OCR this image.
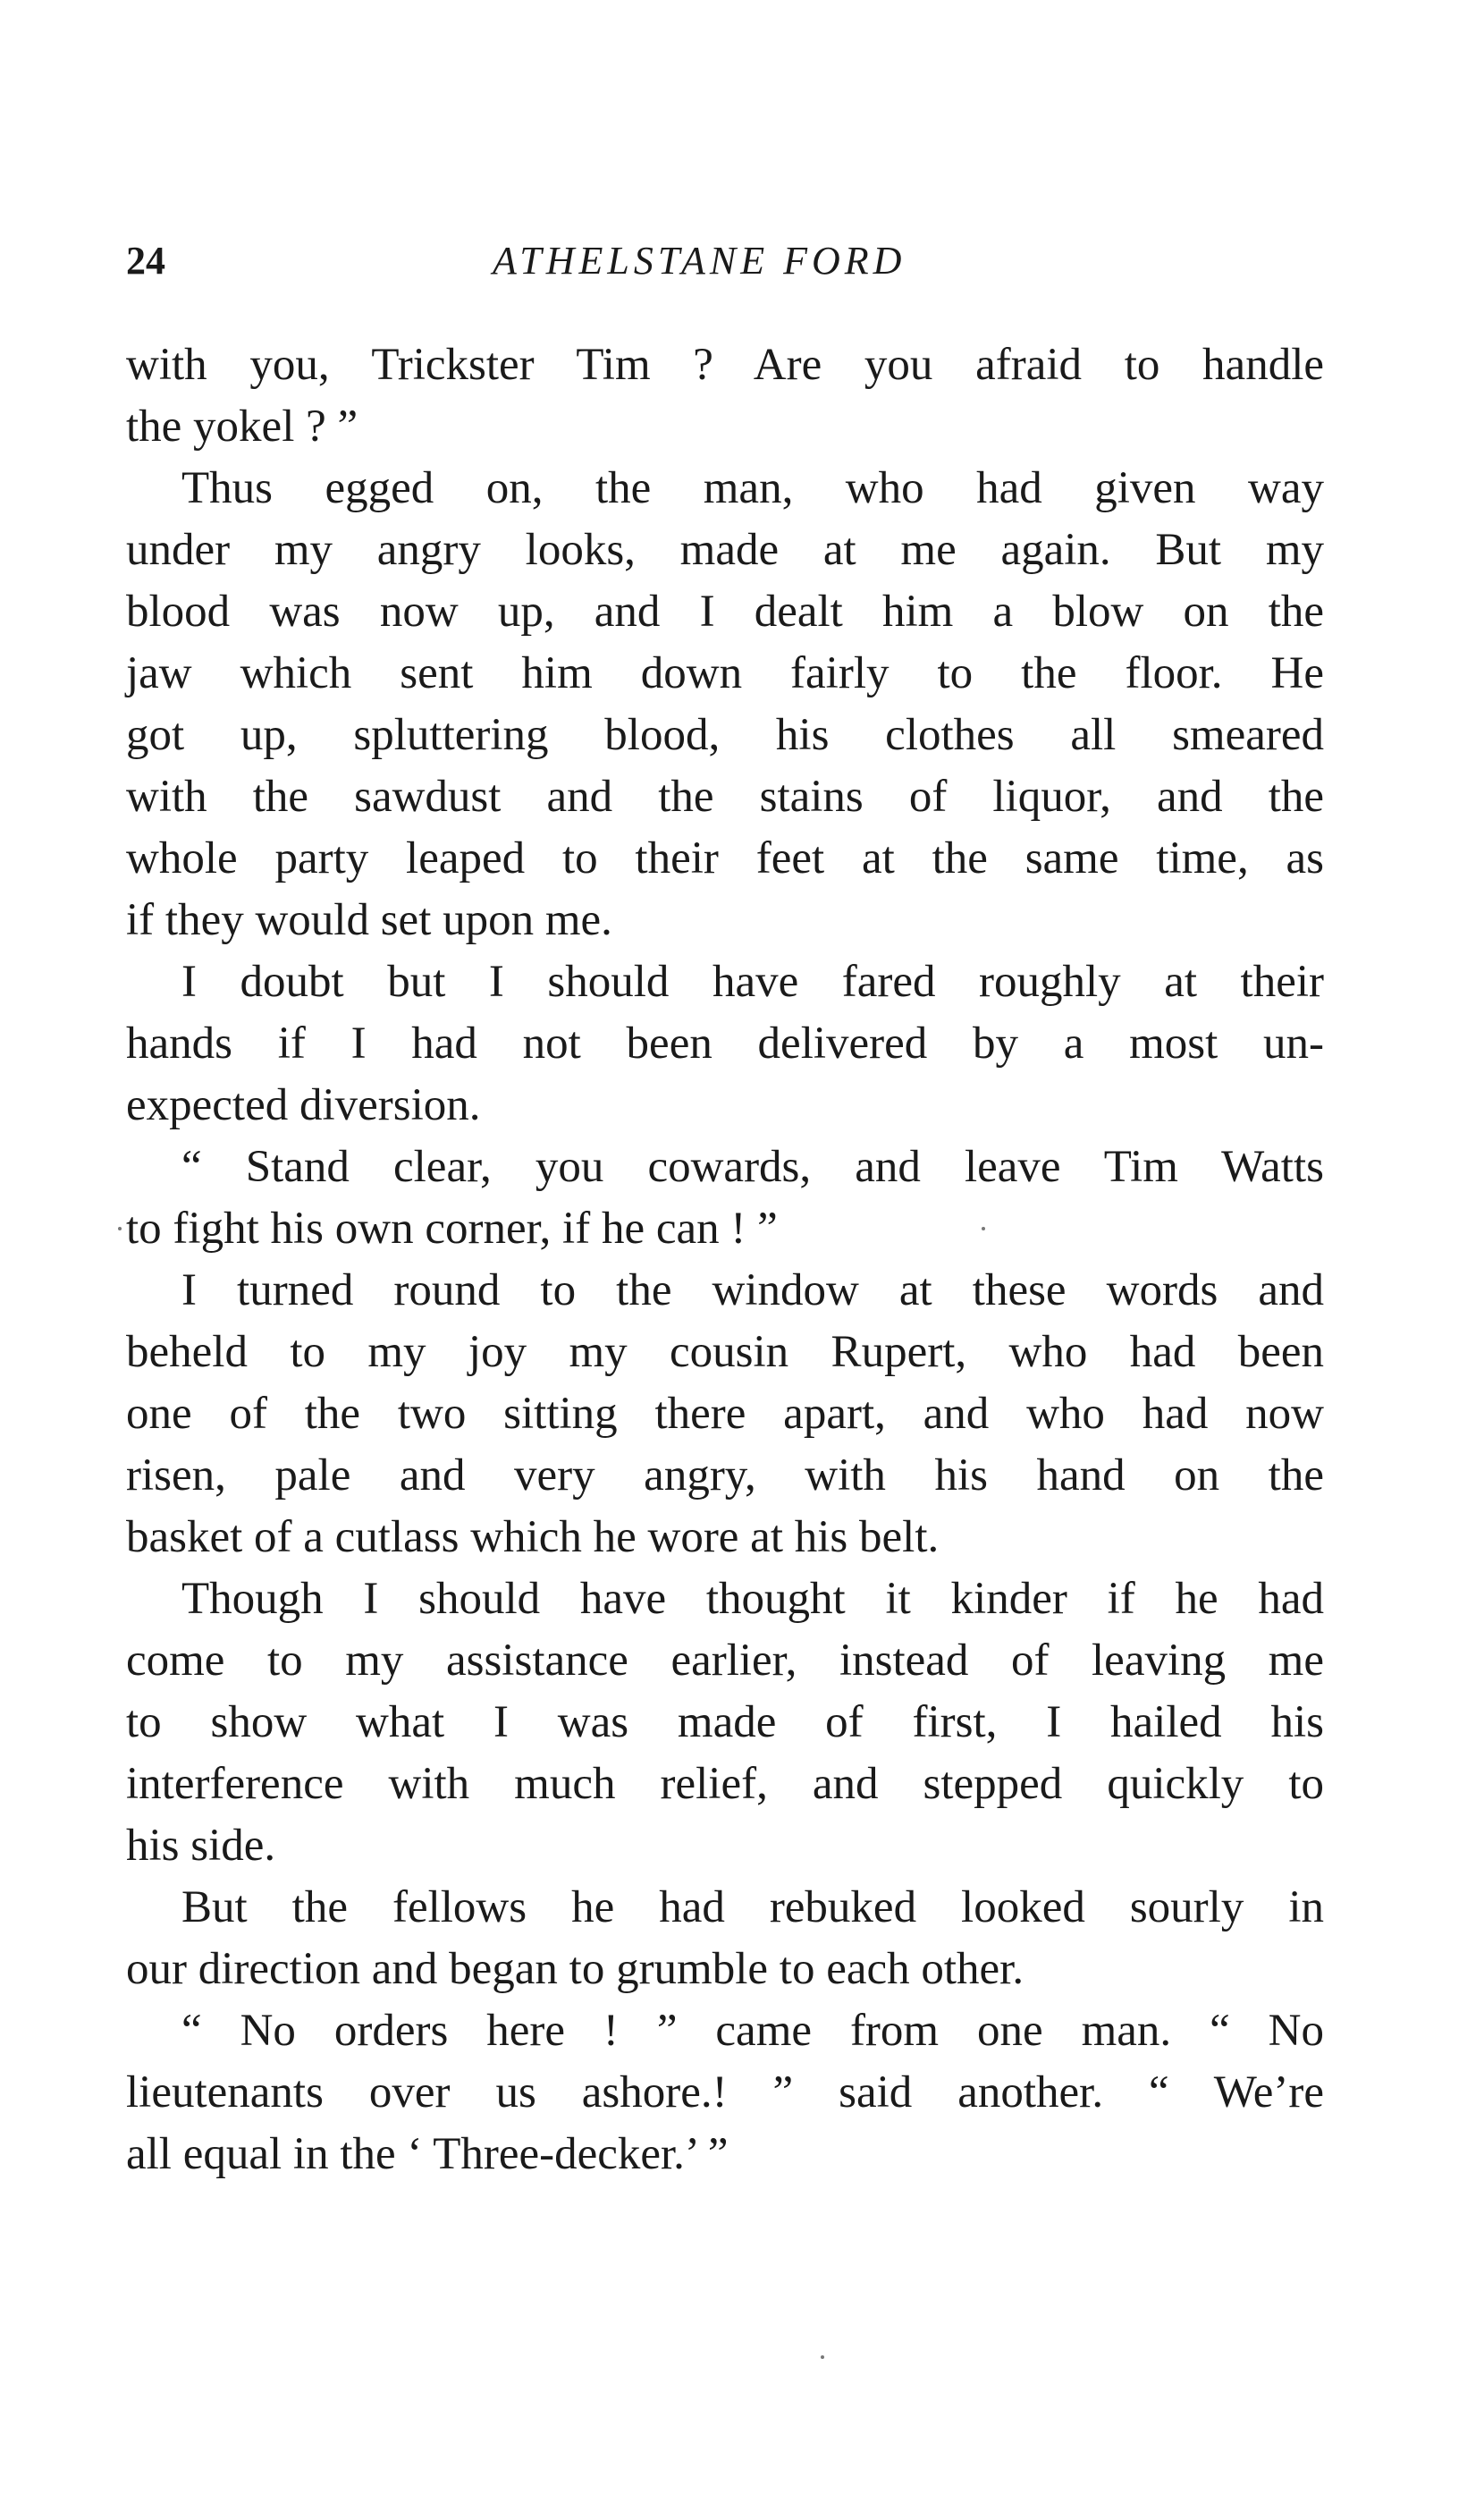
24	ATHELSTANE FORD
with you, Trickster Tim ? Are you afraid to handle
the yokel ? ”
Thus egged on, the man, who had given way
under my angry looks, made at me again. But my
blood was now up, and I dealt him a blow on the
jaw which sent him down fairly to the floor. He
got up, spluttering blood, his clothes all smeared
with the sawdust and the stains of liquor, and the
whole party leaped to their feet at the same time, as
if they would set upon me.
I doubt but I should have fared roughly at their
hands if I had not been delivered by a most un-
expected diversion.
“ Stand clear, you cowards, and leave Tim Watts
to fight his own corner, if he can ! ”
I turned round to the window at these words and
beheld to my joy my cousin Rupert, who had been
one of the two sitting there apart, and who had now
risen, pale and very angry, with his hand on the
basket of a cutlass which he wore at his belt.
Though I should have thought it kinder if he had
come to my assistance earlier, instead of leaving me
to show what I was made of first, I hailed his
interference with much relief, and stepped quickly to
his side.
But the fellows he had rebuked looked sourly in
our direction and began to grumble to each other.
“ No orders here ! ” came from one man. “ No
lieutenants over us ashore.! ” said another. “ We’re
all equal in the ‘ Three-decker.’ ”
